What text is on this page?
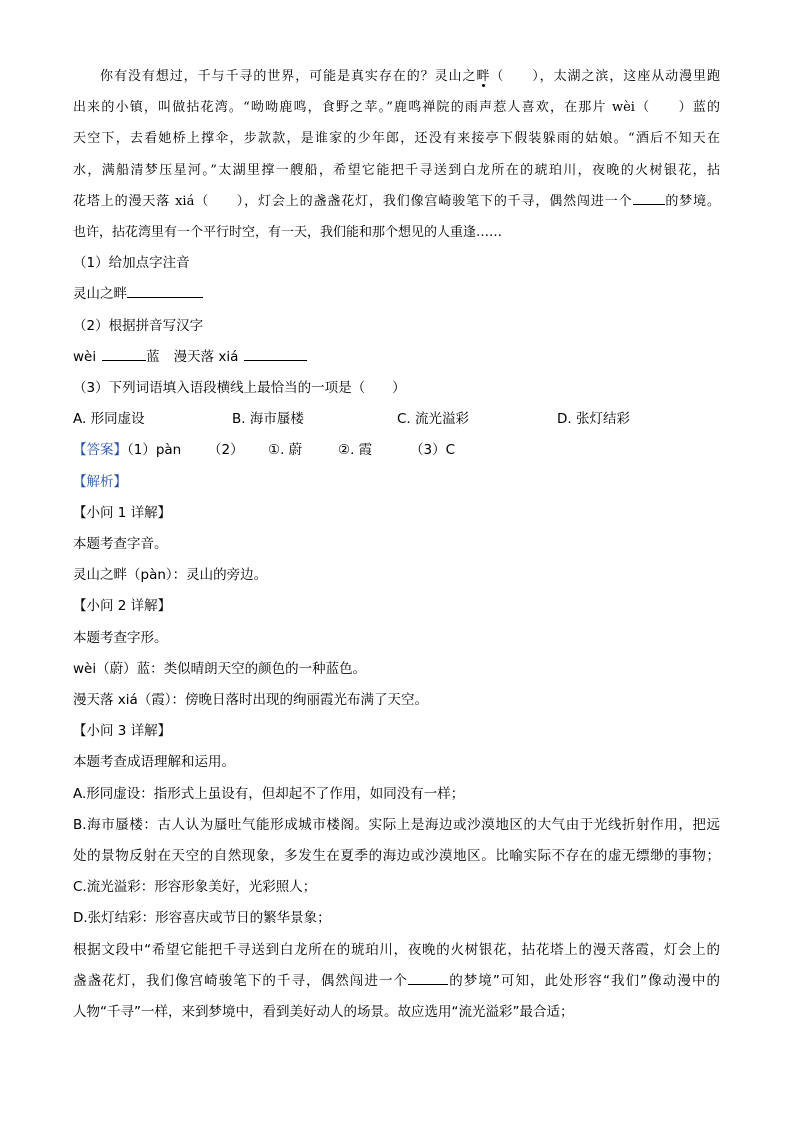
你有没有想过，千与千寻的世界，可能是真实存在的？灵山之畔（　　），太湖之滨，这座从动漫里跑
出来的小镇，叫做拈花湾。“呦呦鹿鸣，食野之苹。”鹿鸣禅院的雨声惹人喜欢，在那片 wèi（　　）蓝的
天空下，去看她桥上撑伞，步款款，是谁家的少年郎，还没有来接亭下假装躲雨的姑娘。“酒后不知天在
水，满船清梦压星河。”太湖里撑一艘船，希望它能把千寻送到白龙所在的琥珀川，夜晚的火树银花，拈
花塔上的漫天落 xiá（　　），灯会上的盏盏花灯，我们像宫崎骏笔下的千寻，偶然闯进一个 的梦境。
也许，拈花湾里有一个平行时空，有一天，我们能和那个想见的人重逢……
（1）给加点字注音
灵山之畔
（2）根据拼音写汉字
wèi	蓝 漫天落 xiá
（3）下列词语填入语段横线上最恰当的一项是（　　）
A. 形同虚设	B. 海市蜃楼	C. 流光溢彩	D. 张灯结彩
【答案】（1）pàn （2） ①. 蔚	②. 霞	（3）C
【解析】
【小问 1 详解】
本题考查字音。
灵山之畔（pàn）：灵山的旁边。
【小问 2 详解】
本题考查字形。
wèi（蔚）蓝：类似晴朗天空的颜色的一种蓝色。
漫天落 xiá（霞）：傍晚日落时出现的绚丽霞光布满了天空。
【小问 3 详解】
本题考查成语理解和运用。
A.形同虚设：指形式上虽设有，但却起不了作用，如同没有一样；
B.海市蜃楼：古人认为蜃吐气能形成城市楼阁。实际上是海边或沙漠地区的大气由于光线折射作用，把远
处的景物反射在天空的自然现象，多发生在夏季的海边或沙漠地区。比喻实际不存在的虚无缥缈的事物；
C.流光溢彩：形容形象美好，光彩照人；
D.张灯结彩：形容喜庆或节日的繁华景象；
根据文段中“希望它能把千寻送到白龙所在的琥珀川，夜晚的火树银花，拈花塔上的漫天落霞，灯会上的
盏盏花灯，我们像宫崎骏笔下的千寻，偶然闯进一个	的梦境”可知，此处形容“我们”像动漫中的
人物“千寻”一样，来到梦境中，看到美好动人的场景。故应选用“流光溢彩”最合适；
